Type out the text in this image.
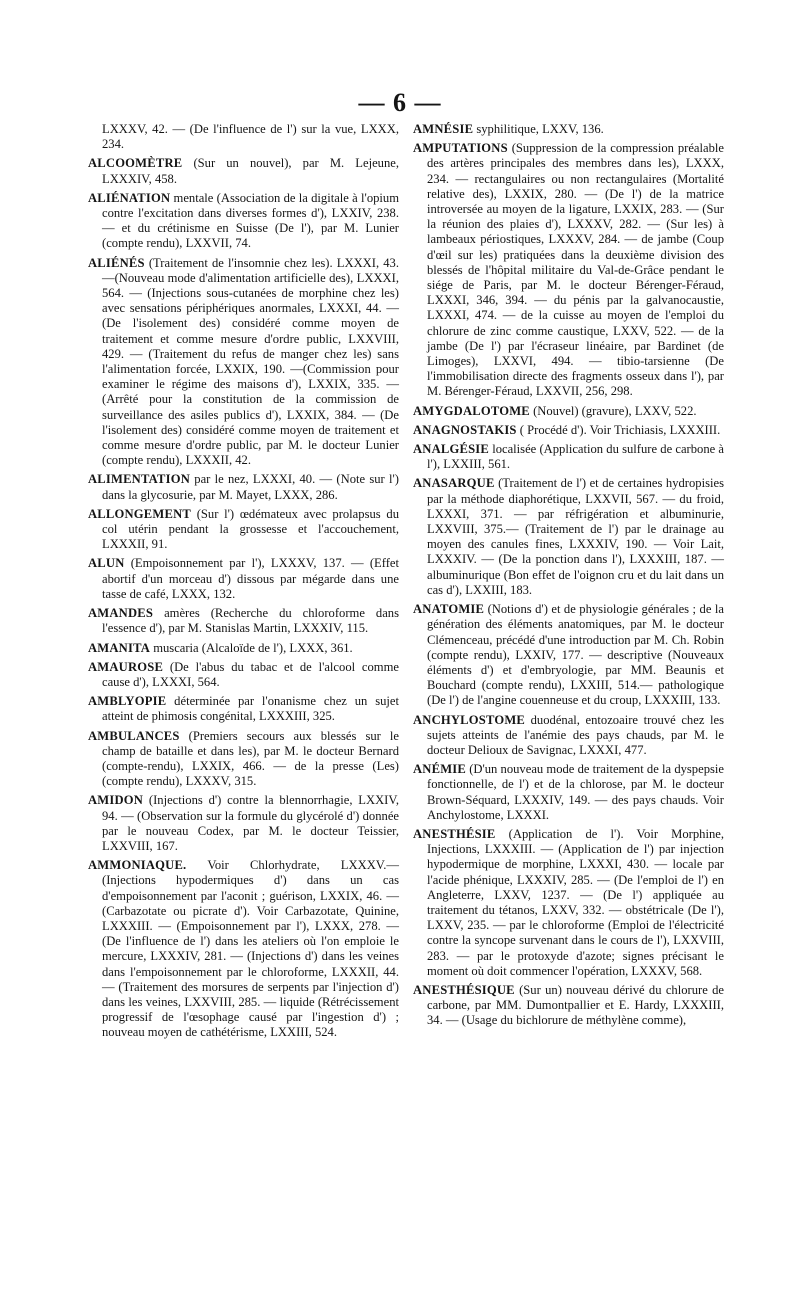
— 6 —

LXXXV, 42. — (De l'influence de l') sur la vue, LXXX, 234.

ALCOOMÈTRE (Sur un nouvel), par M. Lejeune, LXXXIV, 458.

ALIÉNATION mentale (Association de la digitale à l'opium contre l'excitation dans diverses formes d'), LXXIV, 238. — et du crétinisme en Suisse (De l'), par M. Lunier (compte rendu), LXXVII, 74.

ALIÉNÉS (Traitement de l'insomnie chez les). LXXXI, 43. —(Nouveau mode d'alimentation artificielle des), LXXXI, 564. — (Injections sous-cutanées de morphine chez les) avec sensations périphériques anormales, LXXXI, 44. — (De l'isolement des) considéré comme moyen de traitement et comme mesure d'ordre public, LXXVIII, 429. — (Traitement du refus de manger chez les) sans l'alimentation forcée, LXXIX, 190. —(Commission pour examiner le régime des maisons d'), LXXIX, 335. — (Arrêté pour la constitution de la commission de surveillance des asiles publics d'), LXXIX, 384. — (De l'isolement des) considéré comme moyen de traitement et comme mesure d'ordre public, par M. le docteur Lunier (compte rendu), LXXXII, 42.

ALIMENTATION par le nez, LXXXI, 40. — (Note sur l') dans la glycosurie, par M. Mayet, LXXX, 286.

ALLONGEMENT (Sur l') œdémateux avec prolapsus du col utérin pendant la grossesse et l'accouchement, LXXXII, 91.

ALUN (Empoisonnement par l'), LXXXV, 137. — (Effet abortif d'un morceau d') dissous par mégarde dans une tasse de café, LXXX, 132.

AMANDES amères (Recherche du chloroforme dans l'essence d'), par M. Stanislas Martin, LXXXIV, 115.

AMANITA muscaria (Alcaloïde de l'), LXXX, 361.

AMAUROSE (De l'abus du tabac et de l'alcool comme cause d'), LXXXI, 564.

AMBLYOPIE déterminée par l'onanisme chez un sujet atteint de phimosis congénital, LXXXIII, 325.

AMBULANCES (Premiers secours aux blessés sur le champ de bataille et dans les), par M. le docteur Bernard (compte-rendu), LXXIX, 466. — de la presse (Les) (compte rendu), LXXXV, 315.

AMIDON (Injections d') contre la blennorrhagie, LXXIV, 94. — (Observation sur la formule du glycérolé d') donnée par le nouveau Codex, par M. le docteur Teissier, LXXVIII, 167.

AMMONIAQUE. Voir Chlorhydrate, LXXXV.— (Injections hypodermiques d') dans un cas d'empoisonnement par l'aconit ; guérison, LXXIX, 46. — (Carbazotate ou picrate d'). Voir Carbazotate, Quinine, LXXXIII. — (Empoisonnement par l'), LXXX, 278. — (De l'influence de l') dans les ateliers où l'on emploie le mercure, LXXXIV, 281. — (Injections d') dans les veines dans l'empoisonnement par le chloroforme, LXXXII, 44. — (Traitement des morsures de serpents par l'injection d') dans les veines, LXXVIII, 285. — liquide (Rétrécissement progressif de l'œsophage causé par l'ingestion d') ; nouveau moyen de cathétérisme, LXXIII, 524.

AMNÉSIE syphilitique, LXXV, 136.

AMPUTATIONS (Suppression de la compression préalable des artères principales des membres dans les), LXXX, 234. — rectangulaires ou non rectangulaires (Mortalité relative des), LXXIX, 280. — (De l') de la matrice introversée au moyen de la ligature, LXXIX, 283. — (Sur la réunion des plaies d'), LXXXV, 282. — (Sur les) à lambeaux périostiques, LXXXV, 284. — de jambe (Coup d'œil sur les) pratiquées dans la deuxième division des blessés de l'hôpital militaire du Val-de-Grâce pendant le siége de Paris, par M. le docteur Bérenger-Féraud, LXXXI, 346, 394. — du pénis par la galvanocaustie, LXXXI, 474. — de la cuisse au moyen de l'emploi du chlorure de zinc comme caustique, LXXV, 522. — de la jambe (De l') par l'écraseur linéaire, par Bardinet (de Limoges), LXXVI, 494. — tibio-tarsienne (De l'immobilisation directe des fragments osseux dans l'), par M. Bérenger-Féraud, LXXVII, 256, 298.

AMYGDALOTOME (Nouvel) (gravure), LXXV, 522.

ANAGNOSTAKIS ( Procédé d'). Voir Trichiasis, LXXXIII.

ANALGÉSIE localisée (Application du sulfure de carbone à l'), LXXIII, 561.

ANASARQUE (Traitement de l') et de certaines hydropisies par la méthode diaphorétique, LXXVII, 567. — du froid, LXXXI, 371. — par réfrigération et albuminurie, LXXVIII, 375.— (Traitement de l') par le drainage au moyen des canules fines, LXXXIV, 190. — Voir Lait, LXXXIV. — (De la ponction dans l'), LXXXIII, 187. — albuminurique (Bon effet de l'oignon cru et du lait dans un cas d'), LXXIII, 183.

ANATOMIE (Notions d') et de physiologie générales ; de la génération des éléments anatomiques, par M. le docteur Clémenceau, précédé d'une introduction par M. Ch. Robin (compte rendu), LXXIV, 177. — descriptive (Nouveaux éléments d') et d'embryologie, par MM. Beaunis et Bouchard (compte rendu), LXXIII, 514.— pathologique (De l') de l'angine couenneuse et du croup, LXXXIII, 133.

ANCHYLOSTOME duodénal, entozoaire trouvé chez les sujets atteints de l'anémie des pays chauds, par M. le docteur Delioux de Savignac, LXXXI, 477.

ANÉMIE (D'un nouveau mode de traitement de la dyspepsie fonctionnelle, de l') et de la chlorose, par M. le docteur Brown-Séquard, LXXXIV, 149. — des pays chauds. Voir Anchylostome, LXXXI.

ANESTHÉSIE (Application de l'). Voir Morphine, Injections, LXXXIII. — (Application de l') par injection hypodermique de morphine, LXXXI, 430. — locale par l'acide phénique, LXXXIV, 285. — (De l'emploi de l') en Angleterre, LXXV, 1237. — (De l') appliquée au traitement du tétanos, LXXV, 332. — obstétricale (De l'), LXXV, 235. — par le chloroforme (Emploi de l'électricité contre la syncope survenant dans le cours de l'), LXXVIII, 283. — par le protoxyde d'azote; signes précisant le moment où doit commencer l'opération, LXXXV, 568.

ANESTHÉSIQUE (Sur un) nouveau dérivé du chlorure de carbone, par MM. Dumontpallier et E. Hardy, LXXXIII, 34. — (Usage du bichlorure de méthylène comme),
